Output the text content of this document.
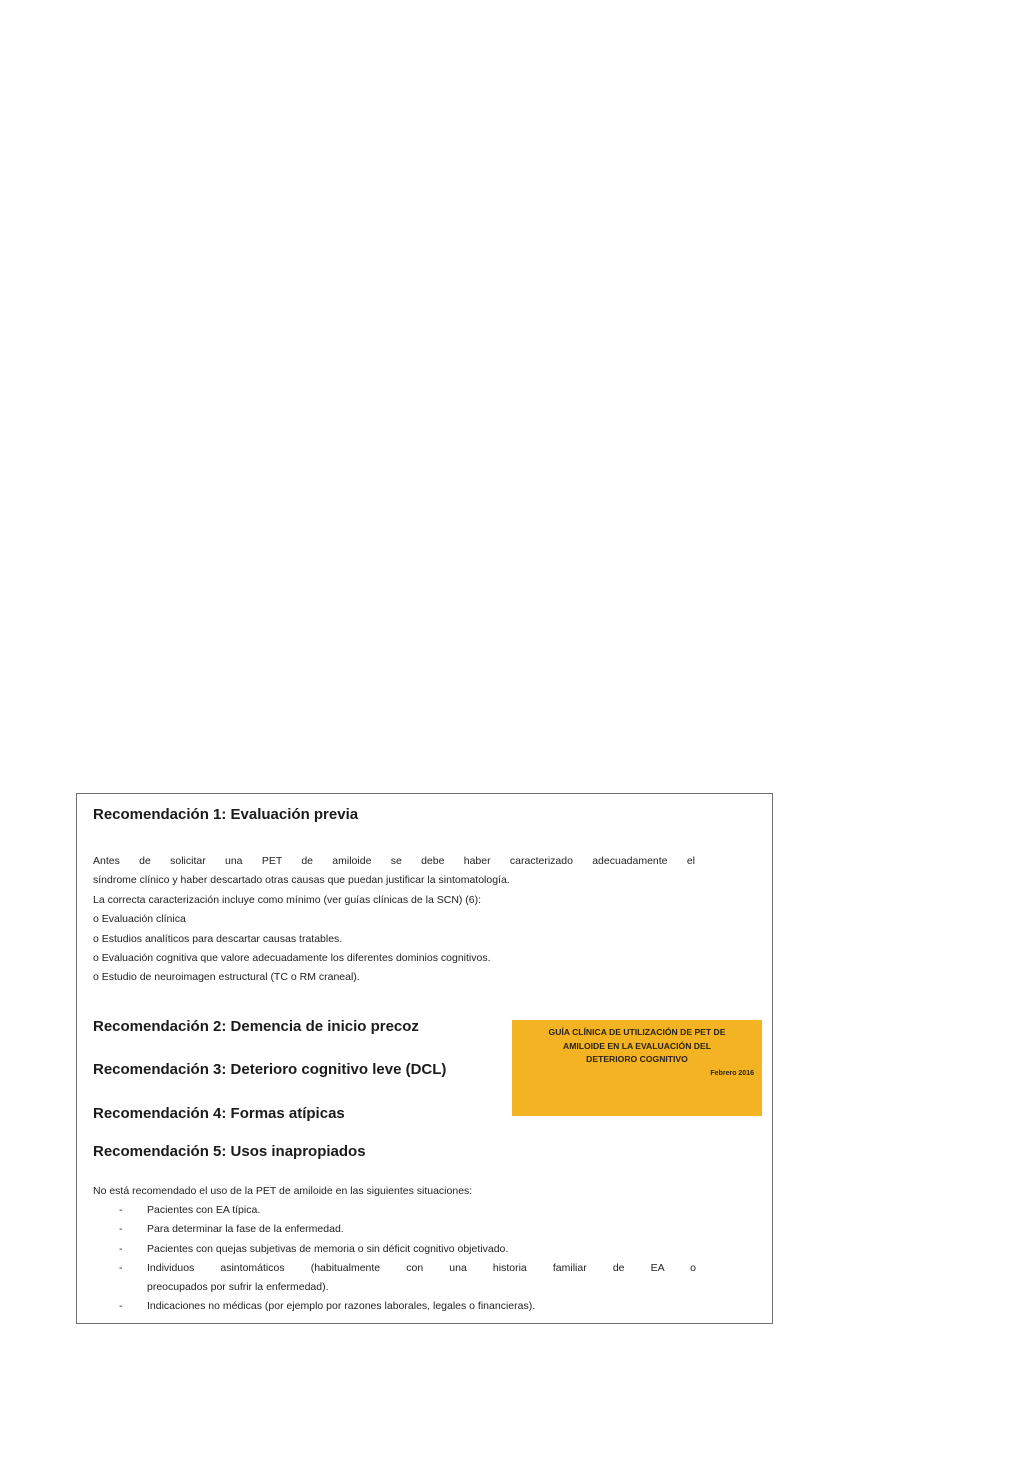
Recomendación 1: Evaluación previa
Antes de solicitar una PET de amiloide se debe haber caracterizado adecuadamente el
síndrome clínico y haber descartado otras causas que puedan justificar la sintomatología.
La correcta caracterización incluye como mínimo (ver guías clínicas de la SCN) (6):
o Evaluación clínica
o Estudios analíticos para descartar causas tratables.
o Evaluación cognitiva que valore adecuadamente los diferentes dominios cognitivos.
o Estudio de neuroimagen estructural (TC o RM craneal).
Recomendación 2: Demencia de inicio precoz
Recomendación 3: Deterioro cognitivo leve (DCL)
Recomendación 4: Formas atípicas
Recomendación 5: Usos inapropiados
No está recomendado el uso de la PET de amiloide en las siguientes situaciones:
- Pacientes con EA típica.
- Para determinar la fase de la enfermedad.
- Pacientes con quejas subjetivas de memoria o sin déficit cognitivo objetivado.
- Individuos asintomáticos (habitualmente con una historia familiar de EA o
preocupados por sufrir la enfermedad).
- Indicaciones no médicas (por ejemplo por razones laborales, legales o financieras).
GUÍA CLÍNICA DE UTILIZACIÓN DE PET DE
AMILOIDE EN LA EVALUACIÓN DEL
DETERIORO COGNITIVO
Febrero 2016
